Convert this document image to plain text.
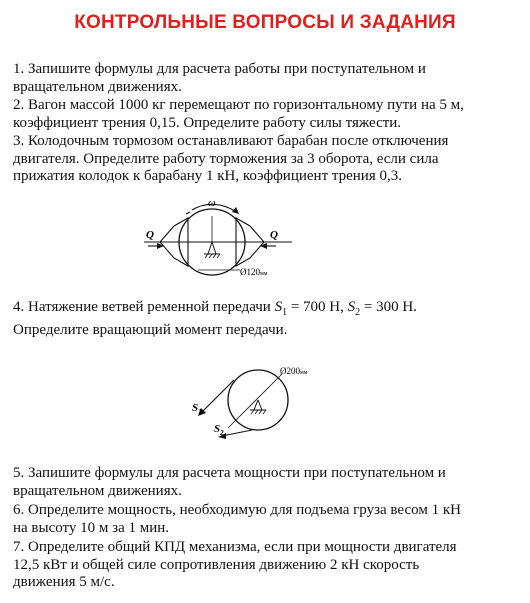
КОНТРОЛЬНЫЕ ВОПРОСЫ И ЗАДАНИЯ
1. Запишите формулы для расчета работы при поступательном и
вращательном движениях.
2. Вагон массой 1000 кг перемещают по горизонтальному пути на 5 м,
коэффициент трения 0,15. Определите работу силы тяжести.
3. Колодочным тормозом останавливают барабан после отключения
двигателя. Определите работу торможения за 3 оборота, если сила
прижатия колодок к барабану 1 кН, коэффициент трения 0,3.
Q	Q
ω
Ø120мм
4. Натяжение ветвей ременной передачи $S_1 = 700$ Н, $S_2 = 300$ Н.
Определите вращающий момент передачи.
Ø200мм
$S_1$
$S_2$
5. Запишите формулы для расчета мощности при поступательном и
вращательном движениях.
6. Определите мощность, необходимую для подъема груза весом 1 кН
на высоту 10 м за 1 мин.
7. Определите общий КПД механизма, если при мощности двигателя
12,5 кВт и общей силе сопротивления движению 2 кН скорость
движения 5 м/с.
